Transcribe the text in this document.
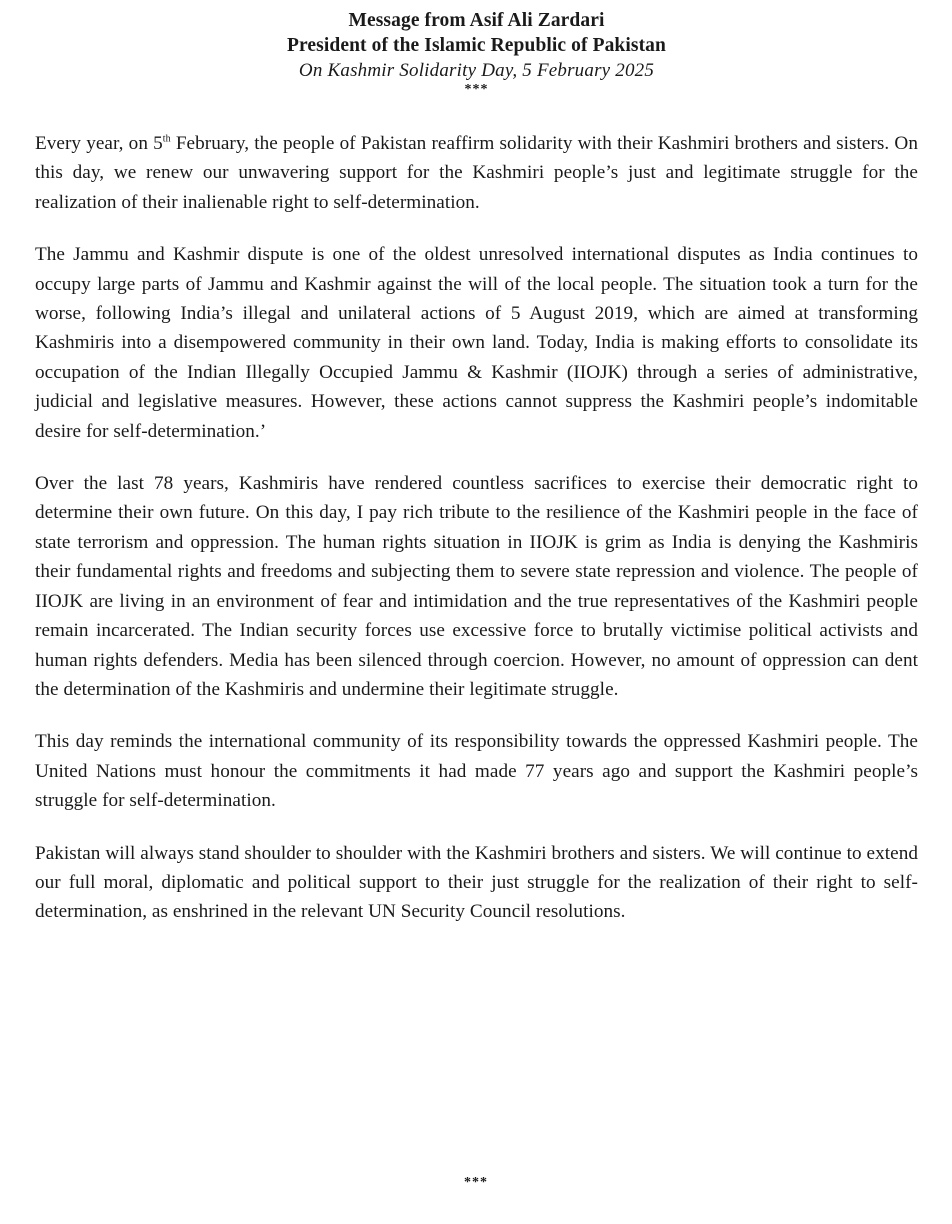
Message from Asif Ali Zardari
President of the Islamic Republic of Pakistan
On Kashmir Solidarity Day, 5 February 2025
***

Every year, on 5th February, the people of Pakistan reaffirm solidarity with their Kashmiri brothers and sisters. On this day, we renew our unwavering support for the Kashmiri people’s just and legitimate struggle for the realization of their inalienable right to self-determination.

The Jammu and Kashmir dispute is one of the oldest unresolved international disputes as India continues to occupy large parts of Jammu and Kashmir against the will of the local people. The situation took a turn for the worse, following India’s illegal and unilateral actions of 5 August 2019, which are aimed at transforming Kashmiris into a disempowered community in their own land. Today, India is making efforts to consolidate its occupation of the Indian Illegally Occupied Jammu & Kashmir (IIOJK) through a series of administrative, judicial and legislative measures. However, these actions cannot suppress the Kashmiri people’s indomitable desire for self-determination.’

Over the last 78 years, Kashmiris have rendered countless sacrifices to exercise their democratic right to determine their own future. On this day, I pay rich tribute to the resilience of the Kashmiri people in the face of state terrorism and oppression. The human rights situation in IIOJK is grim as India is denying the Kashmiris their fundamental rights and freedoms and subjecting them to severe state repression and violence. The people of IIOJK are living in an environment of fear and intimidation and the true representatives of the Kashmiri people remain incarcerated. The Indian security forces use excessive force to brutally victimise political activists and human rights defenders. Media has been silenced through coercion. However, no amount of oppression can dent the determination of the Kashmiris and undermine their legitimate struggle.

This day reminds the international community of its responsibility towards the oppressed Kashmiri people. The United Nations must honour the commitments it had made 77 years ago and support the Kashmiri people’s struggle for self-determination.

Pakistan will always stand shoulder to shoulder with the Kashmiri brothers and sisters. We will continue to extend our full moral, diplomatic and political support to their just struggle for the realization of their right to self-determination, as enshrined in the relevant UN Security Council resolutions.

***
